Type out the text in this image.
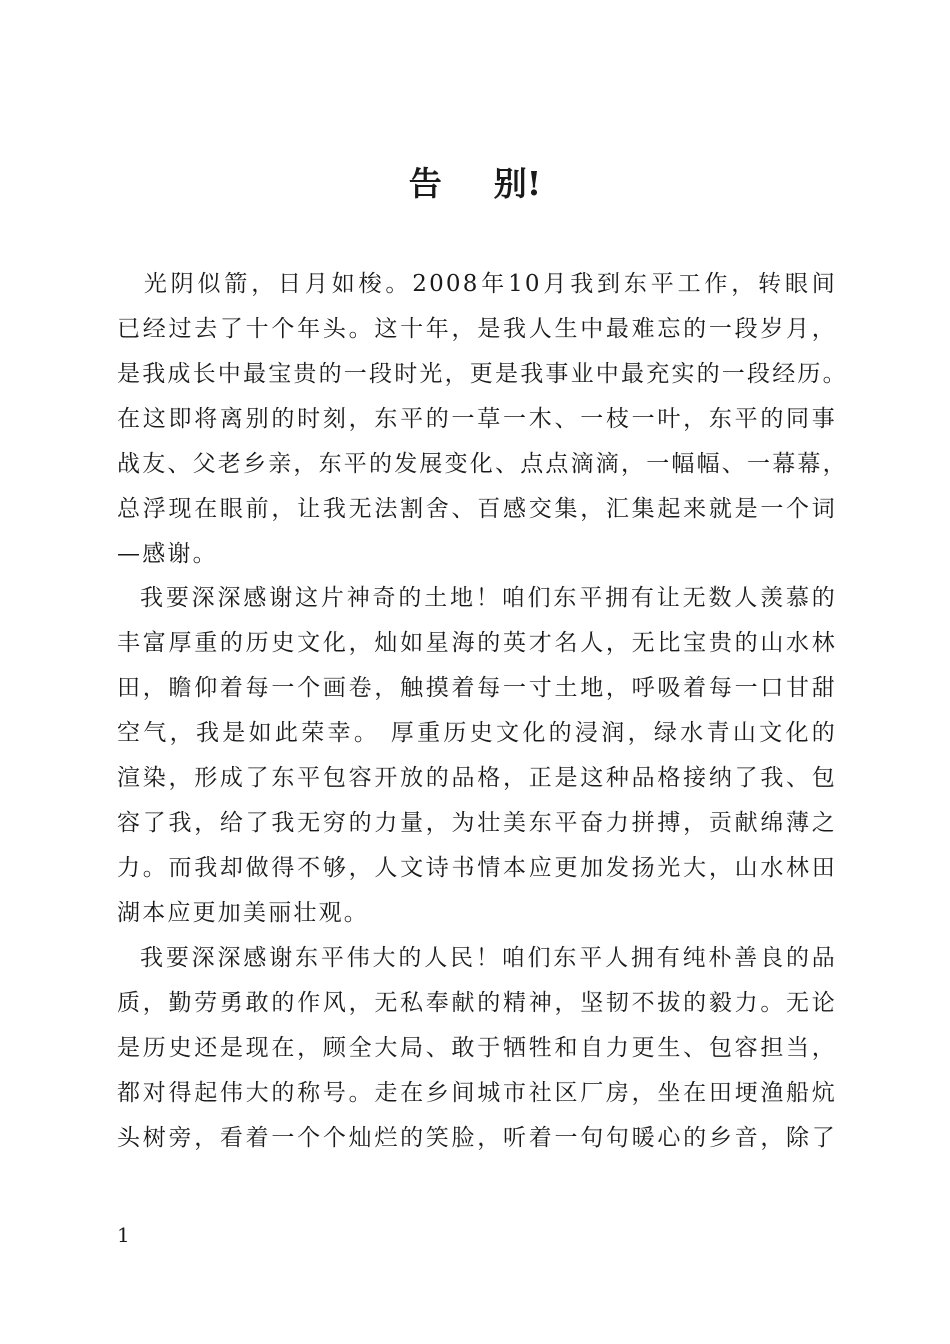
告 别!
　光阴似箭，日月如梭。2008年10月我到东平工作，转眼间
已经过去了十个年头。这十年，是我人生中最难忘的一段岁月，
是我成长中最宝贵的一段时光，更是我事业中最充实的一段经历。
在这即将离别的时刻，东平的一草一木、一枝一叶，东平的同事
战友、父老乡亲，东平的发展变化、点点滴滴，一幅幅、一幕幕，
总浮现在眼前，让我无法割舍、百感交集，汇集起来就是一个词
—感谢。
我要深深感谢这片神奇的土地！咱们东平拥有让无数人羡慕的
丰富厚重的历史文化，灿如星海的英才名人，无比宝贵的山水林
田，瞻仰着每一个画卷，触摸着每一寸土地，呼吸着每一口甘甜
空气，我是如此荣幸。 厚重历史文化的浸润，绿水青山文化的
渲染，形成了东平包容开放的品格，正是这种品格接纳了我、包
容了我，给了我无穷的力量，为壮美东平奋力拼搏，贡献绵薄之
力。而我却做得不够，人文诗书情本应更加发扬光大，山水林田
湖本应更加美丽壮观。
我要深深感谢东平伟大的人民！咱们东平人拥有纯朴善良的品
质，勤劳勇敢的作风，无私奉献的精神，坚韧不拔的毅力。无论
是历史还是现在，顾全大局、敢于牺牲和自力更生、包容担当，
都对得起伟大的称号。走在乡间城市社区厂房，坐在田埂渔船炕
头树旁，看着一个个灿烂的笑脸，听着一句句暖心的乡音，除了
1
